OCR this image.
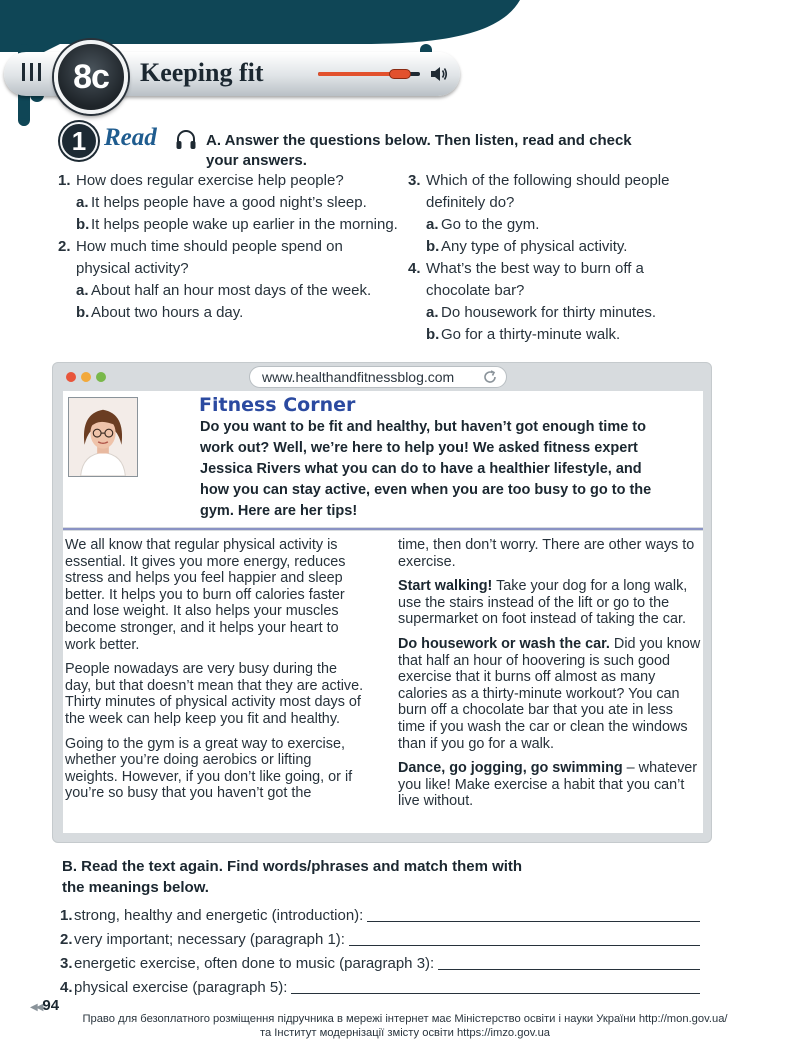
8c	Keeping fit
1 Read	A. Answer the questions below. Then listen, read and check your answers.
1. How does regular exercise help people?
a. It helps people have a good night’s sleep.
b. It helps people wake up earlier in the morning.
2. How much time should people spend on physical activity?
a. About half an hour most days of the week.
b. About two hours a day.
3. Which of the following should people definitely do?
a. Go to the gym.
b. Any type of physical activity.
4. What’s the best way to burn off a chocolate bar?
a. Do housework for thirty minutes.
b. Go for a thirty-minute walk.
www.healthandfitnessblog.com
Fitness Corner
Do you want to be fit and healthy, but haven’t got enough time to work out? Well, we’re here to help you! We asked fitness expert Jessica Rivers what you can do to have a healthier lifestyle, and how you can stay active, even when you are too busy to go to the gym. Here are her tips!

We all know that regular physical activity is essential. It gives you more energy, reduces stress and helps you feel happier and sleep better. It helps you to burn off calories faster and lose weight. It also helps your muscles become stronger, and it helps your heart to work better.

People nowadays are very busy during the day, but that doesn’t mean that they are active. Thirty minutes of physical activity most days of the week can help keep you fit and healthy.

Going to the gym is a great way to exercise, whether you’re doing aerobics or lifting weights. However, if you don’t like going, or if you’re so busy that you haven’t got the

time, then don’t worry. There are other ways to exercise.

Start walking! Take your dog for a long walk, use the stairs instead of the lift or go to the supermarket on foot instead of taking the car.

Do housework or wash the car. Did you know that half an hour of hoovering is such good exercise that it burns off almost as many calories as a thirty-minute workout? You can burn off a chocolate bar that you ate in less time if you wash the car or clean the windows than if you go for a walk.

Dance, go jogging, go swimming – whatever you like! Make exercise a habit that you can’t live without.

B. Read the text again. Find words/phrases and match them with the meanings below.
1. strong, healthy and energetic (introduction):
2. very important; necessary (paragraph 1):
3. energetic exercise, often done to music (paragraph 3):
4. physical exercise (paragraph 5):
◀◀94
Право для безоплатного розміщення підручника в мережі інтернет має Міністерство освіти і науки України http://mon.gov.ua/
та Інститут модернізації змісту освіти https://imzo.gov.ua
